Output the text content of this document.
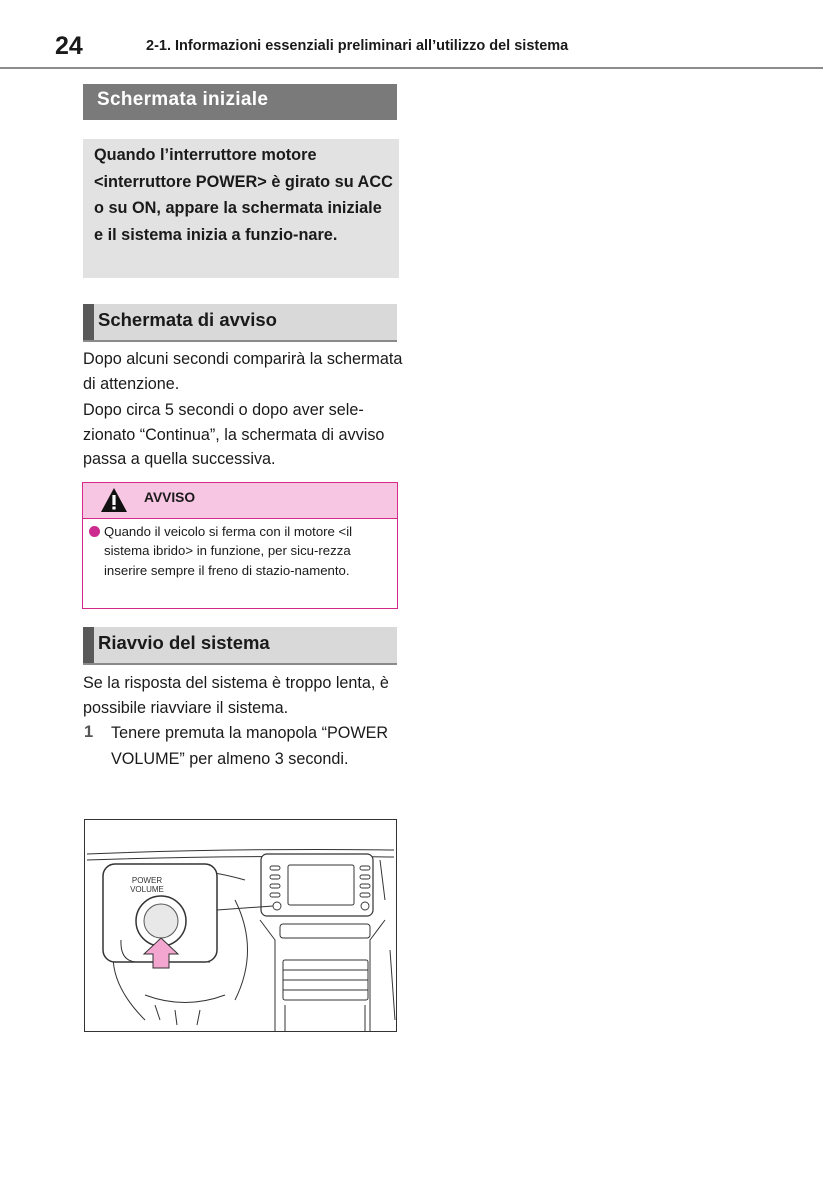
24	2-1. Informazioni essenziali preliminari all’utilizzo del sistema
Schermata iniziale

Quando l’interruttore motore <interruttore POWER> è girato su ACC o su ON, appare la schermata iniziale e il sistema inizia a funzio-nare.

Schermata di avviso

Dopo alcuni secondi comparirà la schermata di attenzione.

Dopo circa 5 secondi o dopo aver sele-zionato “Continua”, la schermata di avviso passa a quella successiva.

AVVISO

Quando il veicolo si ferma con il motore <il sistema ibrido> in funzione, per sicu-rezza inserire sempre il freno di stazio-namento.

Riavvio del sistema

Se la risposta del sistema è troppo lenta, è possibile riavviare il sistema.

1 Tenere premuta la manopola “POWER VOLUME” per almeno 3 secondi.

POWER
VOLUME
